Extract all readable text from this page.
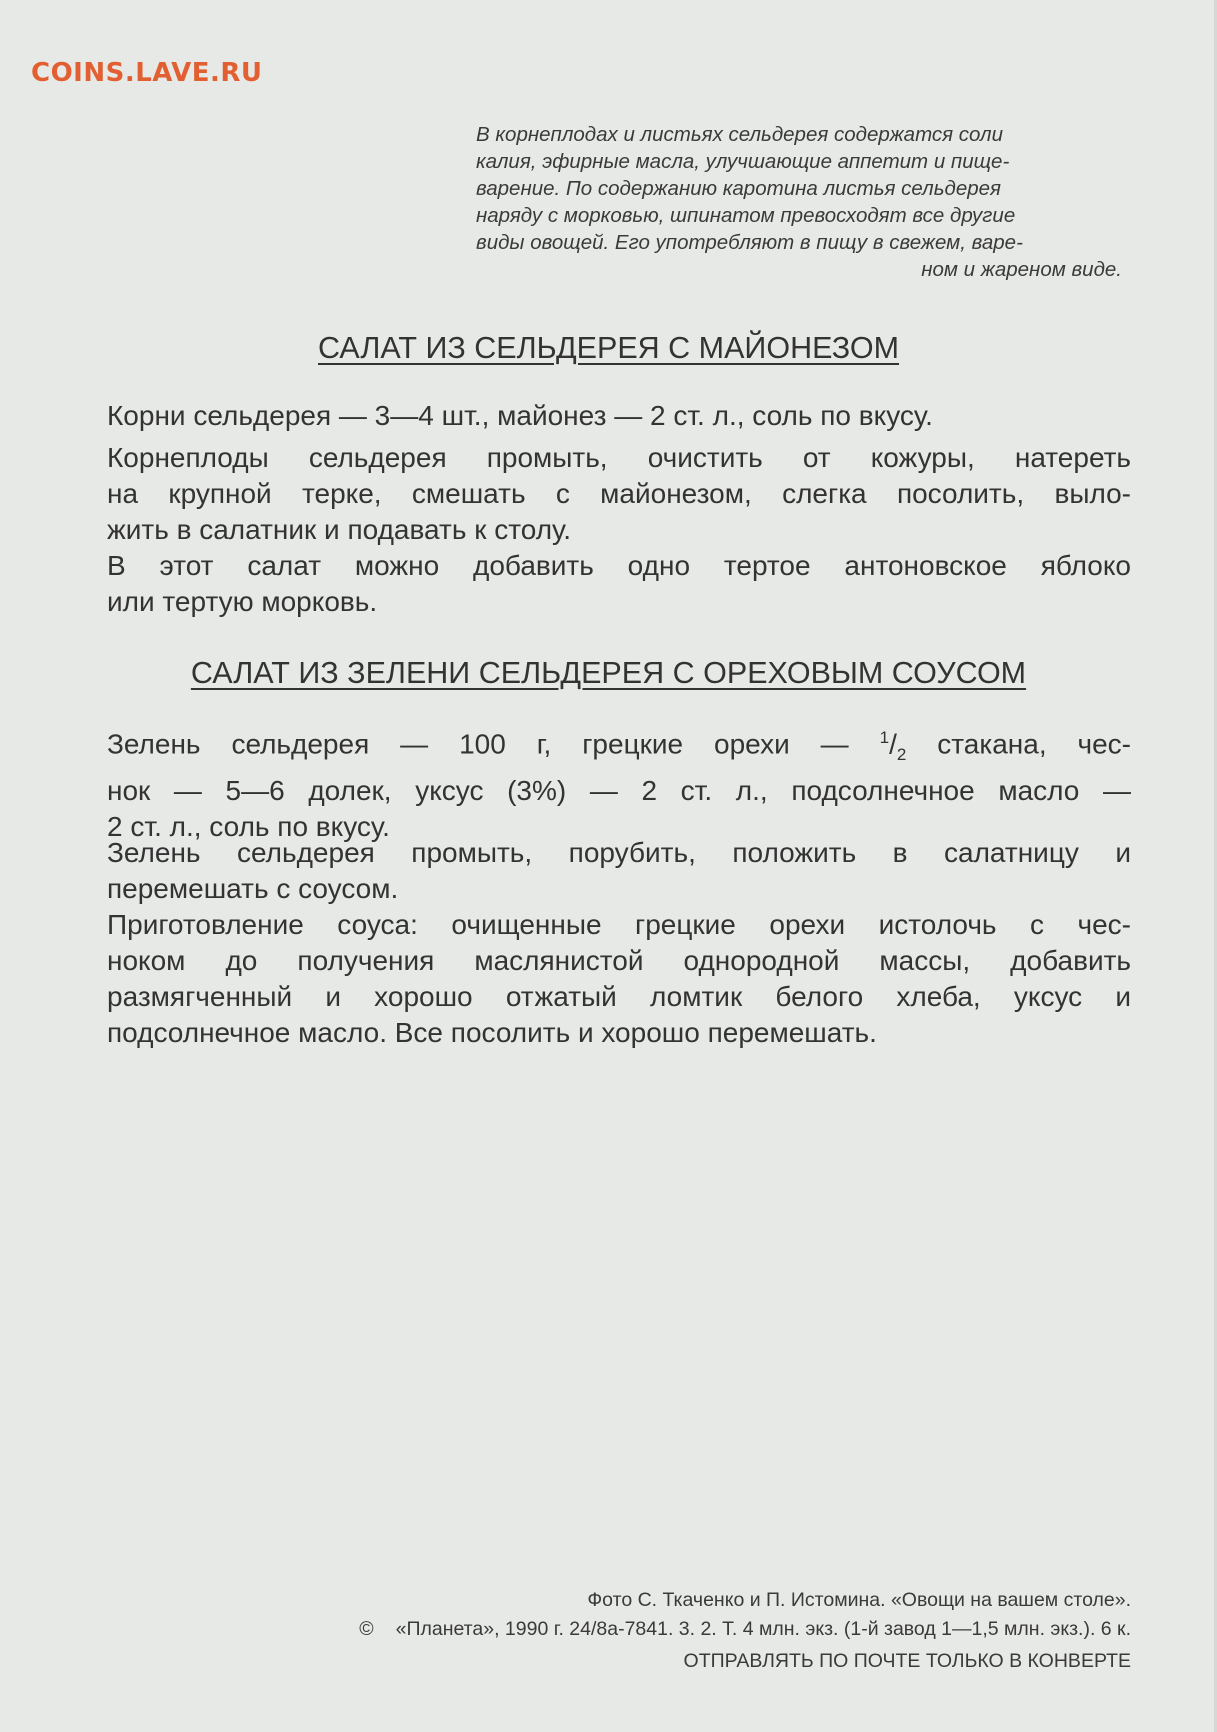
COINS.LAVE.RU
В корнеплодах и листьях сельдерея содержатся соли
калия, эфирные масла, улучшающие аппетит и пище-
варение. По содержанию каротина листья сельдерея
наряду с морковью, шпинатом превосходят все другие
виды овощей. Его употребляют в пищу в свежем, варе-
ном и жареном виде.
САЛАТ ИЗ СЕЛЬДЕРЕЯ С МАЙОНЕЗОМ
Корни сельдерея — 3—4 шт., майонез — 2 ст. л., соль по вкусу.
Корнеплоды сельдерея промыть, очистить от кожуры, натереть
на крупной терке, смешать с майонезом, слегка посолить, выло-
жить в салатник и подавать к столу.
В этот салат можно добавить одно тертое антоновское яблоко
или тертую морковь.
САЛАТ ИЗ ЗЕЛЕНИ СЕЛЬДЕРЕЯ С ОРЕХОВЫМ СОУСОМ
Зелень сельдерея — 100 г, грецкие орехи — $^1/_2$ стакана, чес-
нок — 5—6 долек, уксус (3%) — 2 ст. л., подсолнечное масло —
2 ст. л., соль по вкусу.
Зелень сельдерея промыть, порубить, положить в салатницу и
перемешать с соусом.
Приготовление соуса: очищенные грецкие орехи истолочь с чес-
ноком до получения маслянистой однородной массы, добавить
размягченный и хорошо отжатый ломтик белого хлеба, уксус и
подсолнечное масло. Все посолить и хорошо перемешать.
Фото С. Ткаченко и П. Истомина. «Овощи на вашем столе».
© «Планета», 1990 г. 24/8а-7841. 3. 2. Т. 4 млн. экз. (1-й завод 1—1,5 млн. экз.). 6 к.
ОТПРАВЛЯТЬ ПО ПОЧТЕ ТОЛЬКО В КОНВЕРТЕ
